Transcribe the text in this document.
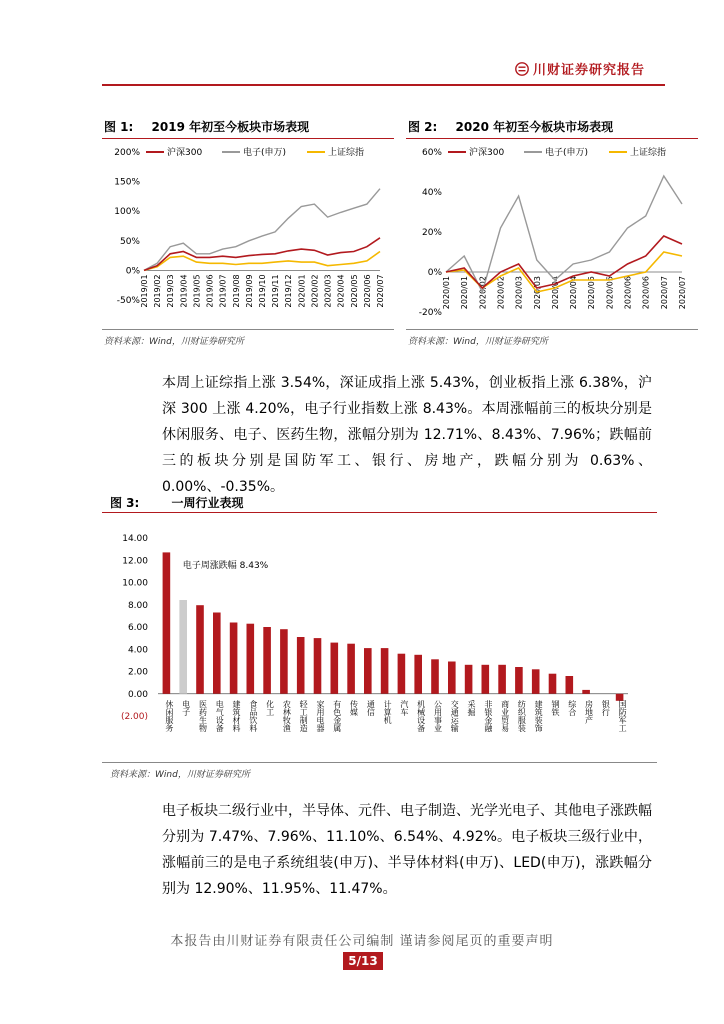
川财证券研究报告
图 1: 2019 年初至今板块市场表现
200%
150%
100%
50%
0%
-50% 2019/01 2019/02 2019/03 2019/04 2019/05 2019/06 2019/07 2019/08 2019/09 2019/10 2019/11 2019/12 2020/01 2020/02 2020/03 2020/04 2020/05 2020/06 2020/07
沪深300	电子(申万)	上证综指
资料来源：Wind，川财证券研究所
图 2: 2020 年初至今板块市场表现
60%
40%
20%
0%
-20%
2020/01 2020/01 2020/02 2020/02 2020/03 2020/03 2020/04 2020/04 2020/05 2020/05 2020/06 2020/06 2020/07 2020/07
沪深300	电子(申万)	上证综指
资料来源：Wind，川财证券研究所

本周上证综指上涨 3.54%，深证成指上涨 5.43%，创业板指上涨 6.38%，沪深 300 上涨 4.20%，电子行业指数上涨 8.43%。本周涨幅前三的板块分别是休闲服务、电子、医药生物，涨幅分别为 12.71%、8.43%、7.96%；跌幅前三的板块分别是国防军工、银行、房地产，跌幅分别为 0.63%、0.00%、-0.35%。

图 3:	一周行业表现
14.00
12.00
10.00
8.00
6.00
4.00
2.00
0.00
(2.00) 休闲服务 电子 医药生物 电气设备 建筑材料 食品饮料 化工 农林牧渔 轻工制造 家用电器 有色金属 传媒 通信 计算机 汽车 机械设备 公用事业 交通运输 采掘 非银金融 商业贸易 纺织服装 建筑装饰 钢铁 综合 房地产 银行 国防军工
电子周涨跌幅 8.43%
资料来源：Wind，川财证券研究所

电子板块二级行业中，半导体、元件、电子制造、光学光电子、其他电子涨跌幅分别为 7.47%、7.96%、11.10%、6.54%、4.92%。电子板块三级行业中，涨幅前三的是电子系统组装(申万)、半导体材料(申万)、LED(申万)，涨跌幅分别为 12.90%、11.95%、11.47%。

本报告由川财证券有限责任公司编制 谨请参阅尾页的重要声明
5/13
